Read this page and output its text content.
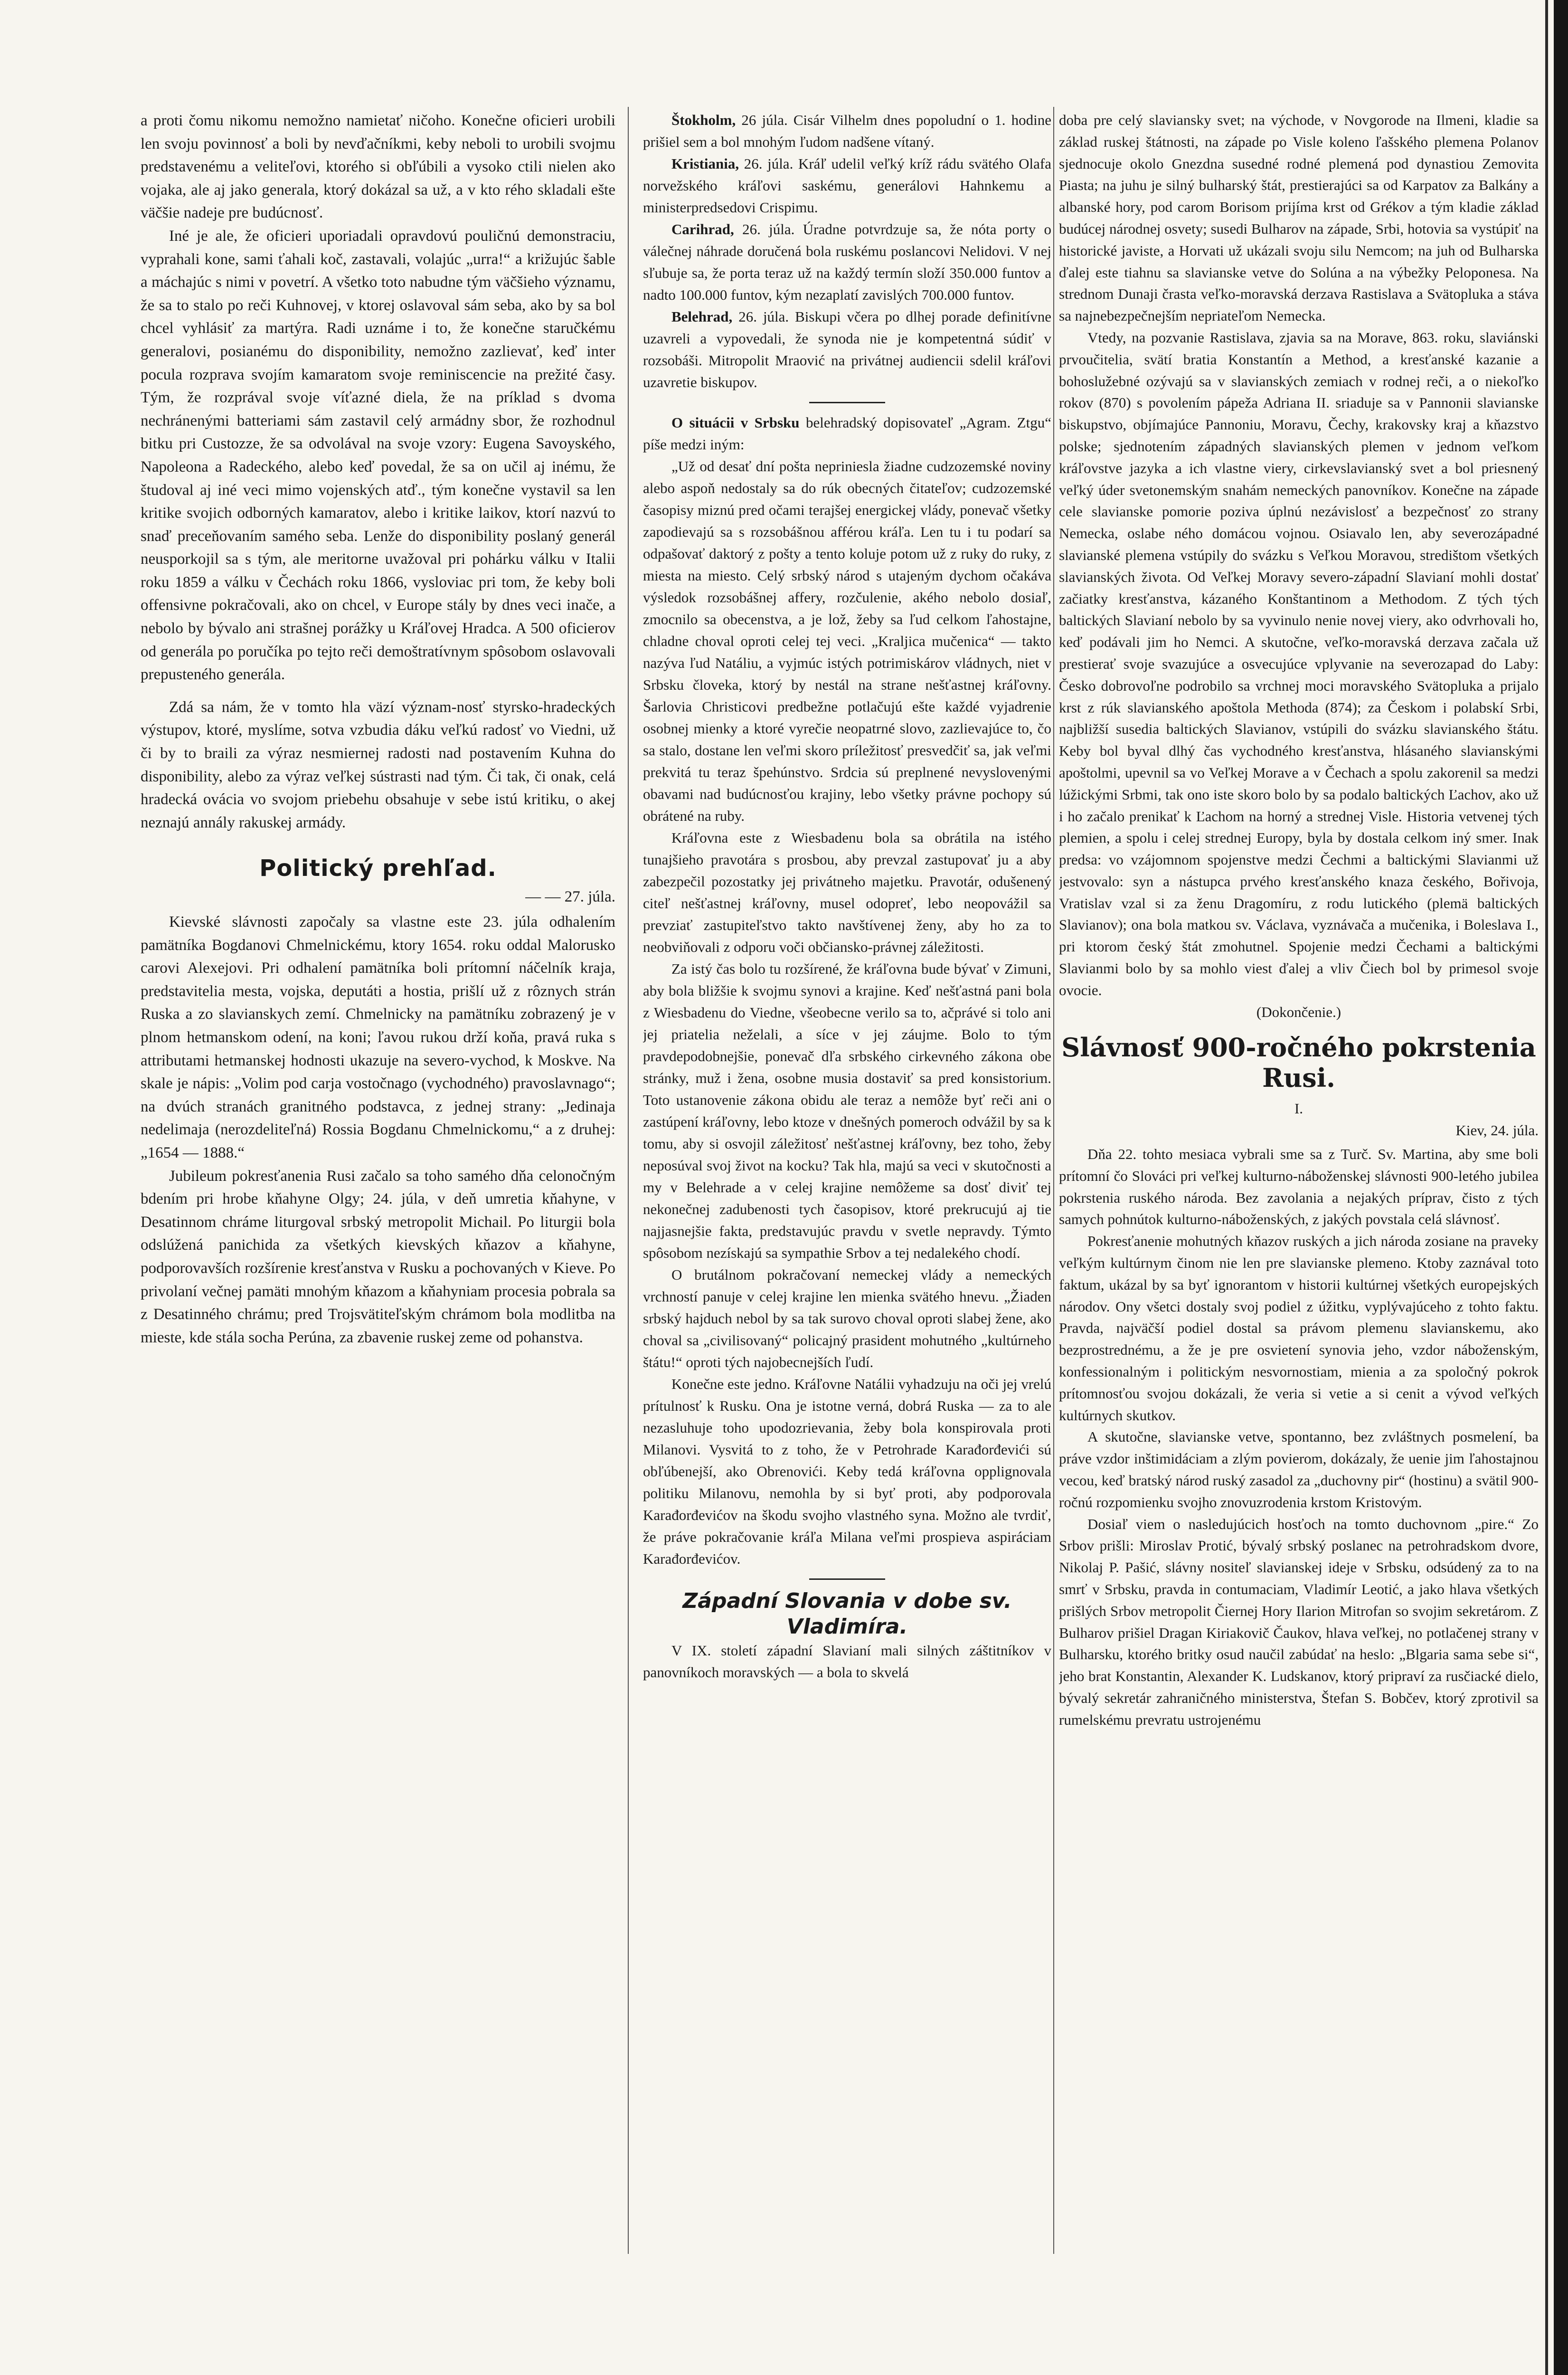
a proti čomu nikomu nemožno namietať ničoho. Konečne oficieri urobili len svoju povinnosť a boli by nevďačníkmi, keby neboli to urobili svojmu predstavenému a veliteľovi, ktorého si obľúbili a vysoko ctili nielen ako vojaka, ale aj jako generala, ktorý dokázal sa už, a v kto rého skladali ešte väčšie nadeje pre budúcnosť.

Iné je ale, že oficieri uporiadali opravdovú pouličnú demonstraciu, vyprahali kone, sami ťahali koč, zastavali, volajúc „urra!“ a križujúc šable a máchajúc s nimi v povetrí. A všetko toto nabudne tým väčšieho významu, že sa to stalo po reči Kuhnovej, v ktorej oslavoval sám seba, ako by sa bol chcel vyhlásiť za martýra. Radi uznáme i to, že konečne staručkému generalovi, posianému do disponibility, nemožno zazlievať, keď inter pocula rozprava svojím kamaratom svoje reminiscencie na prežité časy. Tým, že rozprával svoje víťazné diela, že na príklad s dvoma nechránenými batteriami sám zastavil celý armádny sbor, že rozhodnul bitku pri Custozze, že sa odvolával na svoje vzory: Eugena Savoyského, Napoleona a Radeckého, alebo keď povedal, že sa on učil aj inému, že študoval aj iné veci mimo vojenských atď., tým konečne vystavil sa len kritike svojich odborných kamaratov, alebo i kritike laikov, ktorí nazvú to snaď preceňovaním samého seba. Lenže do disponibility poslaný generál neusporkojil sa s tým, ale meritorne uvažoval pri pohárku válku v Italii roku 1859 a válku v Čechách roku 1866, vysloviac pri tom, že keby boli offensivne pokračovali, ako on chcel, v Europe stály by dnes veci inače, a nebolo by bývalo ani strašnej porážky u Kráľovej Hradca. A 500 oficierov od generála po poručíka po tejto reči demoštratívnym spôsobom oslavovali prepusteného generála.

Zdá sa nám, že v tomto hla väzí význam-nosť styrsko-hradeckých výstupov, ktoré, myslíme, sotva vzbudia dáku veľkú radosť vo Viedni, už či by to braili za výraz nesmiernej radosti nad postavením Kuhna do disponibility, alebo za výraz veľkej sústrasti nad tým. Či tak, či onak, celá hradecká ovácia vo svojom priebehu obsahuje v sebe istú kritiku, o akej neznajú annály rakuskej armády.

Politický prehľad.
— — 27. júla.

Kievské slávnosti započaly sa vlastne este 23. júla odhalením pamätníka Bogdanovi Chmelnickému, ktory 1654. roku oddal Malorusko carovi Alexejovi. Pri odhalení pamätníka boli prítomní náčelník kraja, predstavitelia mesta, vojska, deputáti a hostia, prišlí už z rôznych strán Ruska a zo slavianskych zemí. Chmelnicky na pamätníku zobrazený je v plnom hetmanskom odení, na koni; ľavou rukou drží koňa, pravá ruka s attributami hetmanskej hodnosti ukazuje na severo-vychod, k Moskve. Na skale je nápis: „Volim pod carja vostočnago (vychodného) pravoslavnago“; na dvúch stranách granitného podstavca, z jednej strany: „Jedinaja nedelimaja (nerozdeliteľná) Rossia Bogdanu Chmelnickomu,“ a z druhej: „1654 — 1888.“

Jubileum pokresťanenia Rusi začalo sa toho samého dňa celonočným bdením pri hrobe kňahyne Olgy; 24. júla, v deň umretia kňahyne, v Desatinnom chráme liturgoval srbský metropolit Michail. Po liturgii bola odslúžená panichida za všetkých kievských kňazov a kňahyne, podporovavších rozšírenie kresťanstva v Rusku a pochovaných v Kieve. Po privolaní večnej pamäti mnohým kňazom a kňahyniam procesia pobrala sa z Desatinného chrámu; pred Trojsvätiteľským chrámom bola modlitba na mieste, kde stála socha Perúna, za zbavenie ruskej zeme od pohanstva.

Štokholm, 26 júla. Cisár Vilhelm dnes popoludní o 1. hodine prišiel sem a bol mnohým ľudom nadšene vítaný.

Kristiania, 26. júla. Kráľ udelil veľký kríž rádu svätého Olafa norvežského kráľovi saskému, generálovi Hahnkemu a ministerpredsedovi Crispimu.

Carihrad, 26. júla. Úradne potvrdzuje sa, že nóta porty o válečnej náhrade doručená bola ruskému poslancovi Nelidovi. V nej sľubuje sa, že porta teraz už na každý termín složí 350.000 funtov a nadto 100.000 funtov, kým nezaplatí zavislých 700.000 funtov.

Belehrad, 26. júla. Biskupi včera po dlhej porade definitívne uzavreli a vypovedali, že synoda nie je kompetentná súdiť v rozsobáši. Mitropolit Mraović na privátnej audiencii sdelil kráľovi uzavretie biskupov.

O situácii v Srbsku belehradský dopisovateľ „Agram. Ztgu“ píše medzi iným:

„Už od desať dní pošta nepriniesla žiadne cudzozemské noviny alebo aspoň nedostaly sa do rúk obecných čitateľov; cudzozemské časopisy miznú pred očami terajšej energickej vlády, ponevač všetky zapodievajú sa s rozsobášnou afférou kráľa. Len tu i tu podarí sa odpašovať daktorý z pošty a tento koluje potom už z ruky do ruky, z miesta na miesto. Celý srbský národ s utajeným dychom očakáva výsledok rozsobášnej affery, rozčulenie, akého nebolo dosiaľ, zmocnilo sa obecenstva, a je lož, žeby sa ľud celkom ľahostajne, chladne choval oproti celej tej veci. „Kraljica mučenica“ — takto nazýva ľud Natáliu, a vyjmúc istých potrimiskárov vládnych, niet v Srbsku človeka, ktorý by nestál na strane nešťastnej kráľovny. Šarlovia Christicovi predbežne potlačujú ešte každé vyjadrenie osobnej mienky a ktoré vyrečie neopatrné slovo, zazlievajúce to, čo sa stalo, dostane len veľmi skoro príležitosť presvedčiť sa, jak veľmi prekvitá tu teraz špehúnstvo. Srdcia sú preplnené nevyslovenými obavami nad budúcnosťou krajiny, lebo všetky právne pochopy sú obrátené na ruby.

Kráľovna este z Wiesbadenu bola sa obrátila na istého tunajšieho pravotára s prosbou, aby prevzal zastupovať ju a aby zabezpečil pozostatky jej privátneho majetku. Pravotár, odušenený citeľ nešťastnej kráľovny, musel odopreť, lebo neopovážil sa prevziať zastupiteľstvo takto navštívenej ženy, aby ho za to neobviňovali z odporu voči občiansko-právnej záležitosti.

Za istý čas bolo tu rozšírené, že kráľovna bude bývať v Zimuni, aby bola bližšie k svojmu synovi a krajine. Keď nešťastná pani bola z Wiesbadenu do Viedne, všeobecne verilo sa to, ačprávé si tolo ani jej priatelia neželali, a síce v jej záujme. Bolo to tým pravdepodobnejšie, ponevač dľa srbského cirkevného zákona obe stránky, muž i žena, osobne musia dostaviť sa pred konsistorium. Toto ustanovenie zákona obidu ale teraz a nemôže byť reči ani o zastúpení kráľovny, lebo ktoze v dnešných pomeroch odvážil by sa k tomu, aby si osvojil záležitosť nešťastnej kráľovny, bez toho, žeby neposúval svoj život na kocku? Tak hla, majú sa veci v skutočnosti a my v Belehrade a v celej krajine nemôžeme sa dosť diviť tej nekonečnej zadubenosti tych časopisov, ktoré prekrucujú aj tie najjasnejšie fakta, predstavujúc pravdu v svetle nepravdy. Týmto spôsobom nezískajú sa sympathie Srbov a tej nedalekého chodí.

O brutálnom pokračovaní nemeckej vlády a nemeckých vrchností panuje v celej krajine len mienka svätého hnevu. „Žiaden srbský hajduch nebol by sa tak surovo choval oproti slabej žene, ako choval sa „civilisovaný“ policajný prasident mohutného „kultúrneho štátu!“ oproti tých najobecnejších ľudí.

Konečne este jedno. Kráľovne Natálii vyhadzuju na oči jej vrelú prítulnosť k Rusku. Ona je istotne verná, dobrá Ruska — za to ale nezasluhuje toho upodozrievania, žeby bola konspirovala proti Milanovi. Vysvitá to z toho, že v Petrohrade Karađorđevići sú obľúbenejší, ako Obrenovići. Keby tedá kráľovna opplignovala politiku Milanovu, nemohla by si byť proti, aby podporovala Karađorđevićov na škodu svojho vlastného syna. Možno ale tvrdiť, že práve pokračovanie kráľa Milana veľmi prospieva aspiráciam Karađorđevićov.

Západní Slovania v dobe sv. Vladimíra.

V IX. století západní Slavianí mali silných záštitníkov v panovníkoch moravských — a bola to skvelá

doba pre celý slaviansky svet; na východe, v Novgorode na Ilmeni, kladie sa základ ruskej štátnosti, na západe po Visle koleno ľašského plemena Polanov sjednocuje okolo Gnezdna susedné rodné plemená pod dynastiou Zemovita Piasta; na juhu je silný bulharský štát, prestierajúci sa od Karpatov za Balkány a albanské hory, pod carom Borisom prijíma krst od Grékov a tým kladie základ budúcej národnej osvety; susedi Bulharov na západe, Srbi, hotovia sa vystúpiť na historické javiste, a Horvati už ukázali svoju silu Nemcom; na juh od Bulharska ďalej este tiahnu sa slavianske vetve do Solúna a na výbežky Peloponesa. Na strednom Dunaji črasta veľko-moravská derzava Rastislava a Svätopluka a stáva sa najnebezpečnejším nepriateľom Nemecka.

Vtedy, na pozvanie Rastislava, zjavia sa na Morave, 863. roku, slaviánski prvoučitelia, svätí bratia Konstantín a Method, a kresťanské kazanie a bohoslužebné ozývajú sa v slavianských zemiach v rodnej reči, a o niekoľko rokov (870) s povolením pápeža Adriana II. sriaduje sa v Pannonii slavianske biskupstvo, objímajúce Pannoniu, Moravu, Čechy, krakovsky kraj a kňazstvo polske; sjednotením západných slavianských plemen v jednom veľkom kráľovstve jazyka a ich vlastne viery, cirkevslavianský svet a bol priesnený veľký úder svetonemským snahám nemeckých panovníkov. Konečne na západe cele slavianske pomorie poziva úplnú nezávislosť a bezpečnosť zo strany Nemecka, oslabe ného domácou vojnou. Osiavalo len, aby severozápadné slavianské plemena vstúpily do svázku s Veľkou Moravou, stredištom všetkých slavianských života. Od Veľkej Moravy severo-západní Slavianí mohli dostať začiatky kresťanstva, kázaného Konštantinom a Methodom. Z tých tých baltických Slavianí nebolo by sa vyvinulo nenie novej viery, ako odvrhovali ho, keď podávali jim ho Nemci. A skutočne, veľko-moravská derzava začala už prestierať svoje svazujúce a osvecujúce vplyvanie na severozapad do Laby: Česko dobrovoľne podrobilo sa vrchnej moci moravského Svätopluka a prijalo krst z rúk slavianského apoštola Methoda (874); za Českom i polabskí Srbi, najbližší susedia baltických Slavianov, vstúpili do svázku slavianského štátu. Keby bol byval dlhý čas vychodného kresťanstva, hlásaného slavianskými apoštolmi, upevnil sa vo Veľkej Morave a v Čechach a spolu zakorenil sa medzi lúžickými Srbmi, tak ono iste skoro bolo by sa podalo baltických Ľachov, ako už i ho začalo prenikať k Ľachom na horný a strednej Visle. Historia vetvenej tých plemien, a spolu i celej strednej Europy, byla by dostala celkom iný smer. Inak predsa: vo vzájomnom spojenstve medzi Čechmi a baltickými Slavianmi už jestvovalo: syn a nástupca prvého kresťanského knaza českého, Bořivoja, Vratislav vzal si za ženu Dragomíru, z rodu lutického (plemä baltických Slavianov); ona bola matkou sv. Václava, vyznávača a mučenika, i Boleslava I., pri ktorom český štát zmohutnel. Spojenie medzi Čechami a baltickými Slavianmi bolo by sa mohlo viest ďalej a vliv Čiech bol by primesol svoje ovocie.

(Dokončenie.)
Slávnosť 900-ročného pokrstenia Rusi.
I.
Kiev, 24. júla.

Dňa 22. tohto mesiaca vybrali sme sa z Turč. Sv. Martina, aby sme boli prítomní čo Slováci pri veľkej kulturno-náboženskej slávnosti 900-letého jubilea pokrstenia ruského národa. Bez zavolania a nejakých príprav, čisto z tých samych pohnútok kulturno-náboženských, z jakých povstala celá slávnosť.

Pokresťanenie mohutných kňazov ruských a jich národa zosiane na praveky veľkým kultúrnym činom nie len pre slavianske plemeno. Ktoby zaznával toto faktum, ukázal by sa byť ignorantom v historii kultúrnej všetkých europejských národov. Ony všetci dostaly svoj podiel z úžitku, vyplývajúceho z tohto faktu. Pravda, najväčší podiel dostal sa právom plemenu slavianskemu, ako bezprostrednému, a že je pre osvietení synovia jeho, vzdor náboženským, konfessionalným i politickým nesvornostiam, mienia a za spoločný pokrok prítomnosťou svojou dokázali, že veria si vetie a si cenit a vývod veľkých kultúrnych skutkov.

A skutočne, slavianske vetve, spontanno, bez zvláštnych posmelení, ba práve vzdor inštimidáciam a zlým povierom, dokázaly, že uenie jim ľahostajnou vecou, keď bratský národ ruský zasadol za „duchovny pir“ (hostinu) a svätil 900-ročnú rozpomienku svojho znovuzrodenia krstom Kristovým.

Dosiaľ viem o nasledujúcich hosťoch na tomto duchovnom „pire.“ Zo Srbov prišli: Miroslav Protić, bývalý srbský poslanec na petrohradskom dvore, Nikolaj P. Pašić, slávny nositeľ slavianskej ideje v Srbsku, odsúdený za to na smrť v Srbsku, pravda in contumaciam, Vladimír Leotić, a jako hlava všetkých prišlých Srbov metropolit Čiernej Hory Ilarion Mitrofan so svojim sekretárom. Z Bulharov prišiel Dragan Kiriakovič Čaukov, hlava veľkej, no potlačenej strany v Bulharsku, ktorého britky osud naučil zabúdať na heslo: „Blgaria sama sebe si“, jeho brat Konstantin, Alexander K. Ludskanov, ktorý pripraví za rusčiacké dielo, bývalý sekretár zahraničného ministerstva, Štefan S. Bobčev, ktorý zprotivil sa rumelskému prevratu ustrojenému
